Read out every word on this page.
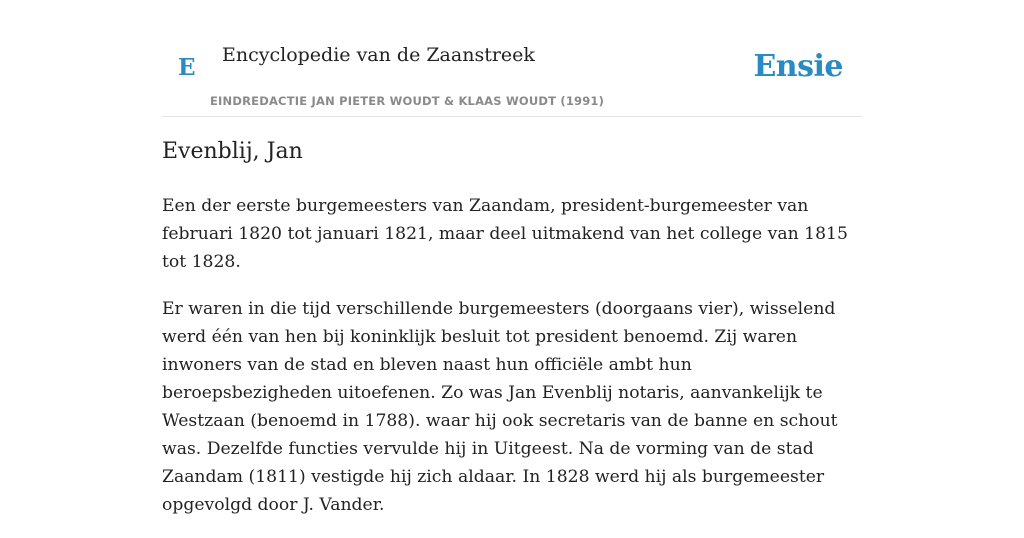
E Encyclopedie van de Zaanstreek
EINDREDACTIE JAN PIETER WOUDT & KLAAS WOUDT (1991)
Ensie
Evenblij, Jan

Een der eerste burgemeesters van Zaandam, president-burgemeester van februari 1820 tot januari 1821, maar deel uitmakend van het college van 1815 tot 1828.

Er waren in die tijd verschillende burgemeesters (doorgaans vier), wisselend werd één van hen bij koninklijk besluit tot president benoemd. Zij waren inwoners van de stad en bleven naast hun officiële ambt hun beroepsbezigheden uitoefenen. Zo was Jan Evenblij notaris, aanvankelijk te Westzaan (benoemd in 1788). waar hij ook secretaris van de banne en schout was. Dezelfde functies vervulde hij in Uitgeest. Na de vorming van de stad Zaandam (1811) vestigde hij zich aldaar. In 1828 werd hij als burgemeester opgevolgd door J. Vander.
